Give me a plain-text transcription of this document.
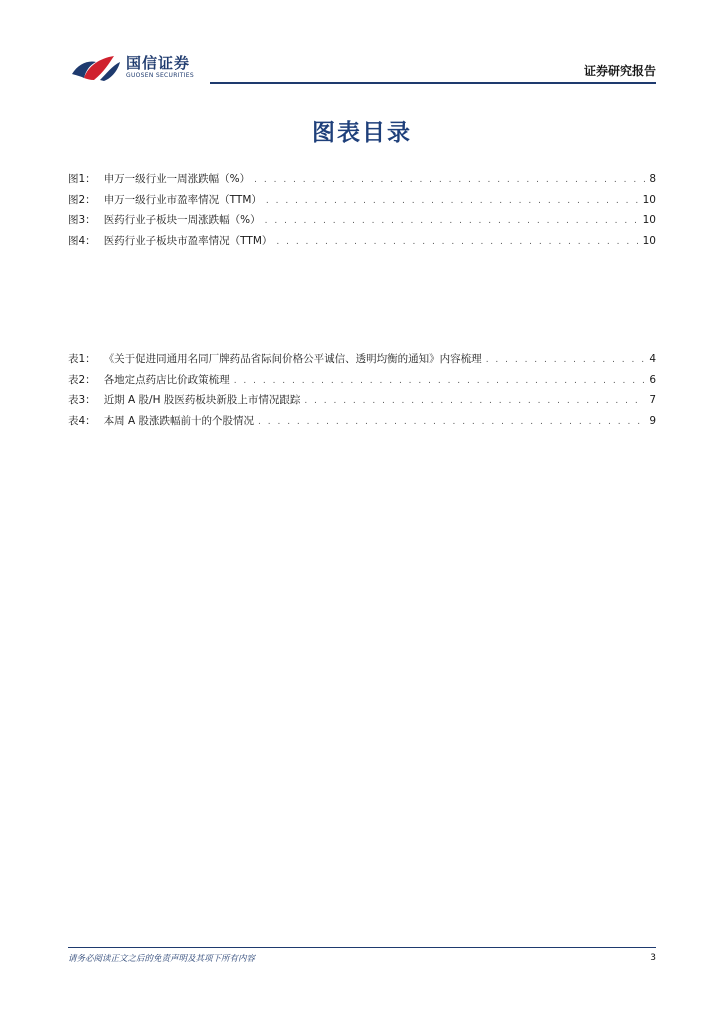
国信证券
GUOSEN SECURITIES	证券研究报告
图表目录
图1： 申万一级行业一周涨跌幅（%） . . .	8
图2： 申万一级行业市盈率情况（TTM） . . .	10
图3： 医药行业子板块一周涨跌幅（%） . . .	10
图4： 医药行业子板块市盈率情况（TTM） . . .	10
表1： 《关于促进同通用名同厂牌药品省际间价格公平诚信、透明均衡的通知》内容梳理 . . .	4
表2： 各地定点药店比价政策梳理 . . .	6
表3： 近期 A 股/H 股医药板块新股上市情况跟踪 . . .	7
表4： 本周 A 股涨跌幅前十的个股情况 . . .	9
请务必阅读正文之后的免责声明及其项下所有内容	3
